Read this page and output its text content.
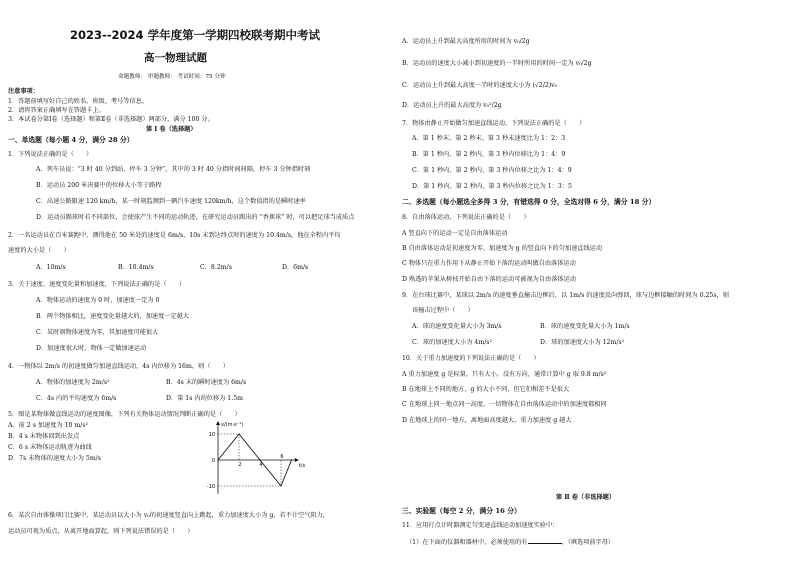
2023--2024 学年度第一学期四校联考期中考试
高一物理试题
命题教师： 审题教师： 考试时间：75 分钟
注意事项：
1．答题前填写好自己的姓名、班级、考号等信息。
2．请将答案正确填写在答题卡上。
3．本试卷分第Ⅰ卷（选择题）和第Ⅱ卷（非选择题）两部分，满分 100 分。
第 Ⅰ 卷（选择题）
一、单选题（每小题 4 分，满分 28 分）
1．下列说法正确的是（　　）
A．列车员说：“3 时 40 分到站，停车 3 分钟”，其中的 3 时 40 分指时间间隔，停车 3 分钟指时刻
B．运动员 200 米决赛中的位移大小等于路程
C．高速公路限速 120 km/h，某一时刻监测到一辆汽车速度 120km/h，这个数值指的是瞬时速率
D．运动员踢球时若不同部位，会使球产生不同的运动轨迹，在研究运动员踢出的 “香蕉球” 时，可以把足球当成质点
2．一名运动员在百米赛跑中，测得他在 50 米处的速度是 6m/s，10s 末到达终点时的速度为 10.4m/s，他在全程内平均
速度的大小是（　　）
A．10m/s	B．10.4m/s	C．8.2m/s	D．6m/s
3．关于速度、速度变化量和加速度，下列说法正确的是（　　）
A．物体运动的速度为 0 时，加速度一定为 0
B．两个物体相比，速度变化量越大的，加速度一定越大
C．某时刻物体速度为零，其加速度可能很大
D．加速度很大时，物体一定做加速运动
4．一物体以 2m/s 的初速度做匀加速直线运动，4s 内位移为 16m，则（　　）
A．物体的加速度为 2m/s²	B．4s 末的瞬时速度为 6m/s
C．4s 内的平均速度为 6m/s	D．第 1s 内的位移为 1.5m
5．图是某物体做直线运动的速度图像，下列有关物体运动情况判断正确的是（　　）
A．前 2 s 加速度为 10 m/s²
B．4 s 末物体回到出发点
C．6 s 末物体运动轨迹为曲线
D．7s 末物体的速度大小为 5m/s
v/(m·s⁻¹)
t/s
10
0
-10
2	4
6
6．某次自由体操项目比赛中，某运动员以大小为 v₀的初速度竖直向上跳起，重力加速度大小为 g，若不计空气阻力，
运动员可视为质点，从离开地面算起，则下列说法错误的是（　　）
A．运动员上升到最大高度所用的时间为 v₀/2g
B．运动员的速度大小减小到初速度的一半时所用的时间一定为 v₀/2g
C．运动员上升到最大高度一半时的速度大小为 (√2/2)v₀
D．运动员上升的最大高度为 v₀²/2g
7．物体由静止开始做匀加速直线运动，下列说法正确的是（　　）
A．第 1 秒末、第 2 秒末、第 3 秒末速度比为 1：2：3
B．第 1 秒内、第 2 秒内、第 3 秒内位移比为 1：4：9
C．第 1 秒内、第 2 秒内、第 3 秒内位移之比为 1：4：9
D．第 1 秒内、第 2 秒内、第 3 秒内位移之比为 1：3：5
二、多选题（每小题选全多得 3 分，有错选得 0 分，全选对得 6 分，满分 18 分）
8．自由落体运动，下列说法正确的是（　　）
A 竖直向下的运动一定是自由落体运动
B 自由落体运动是初速度为零、加速度为 g 的竖直向下的匀加速直线运动
C 物体只在重力作用下从静止开始下落的运动叫做自由落体运动
D 熟透的苹果从树枝开始自由下落的运动可被视为自由落体运动
9．在台球比赛中，某球以 2m/s 的速度垂直撞击边框后，以 1m/s 的速度反向弹回，球与边框接触的时间为 0.25s，则
该撞击过程中（　　）
A．球的速度变化量大小为 3m/s	B．球的速度变化量大小为 1m/s
C．球的加速度大小为 4m/s²	D．球的加速度大小为 12m/s²
10．关于重力加速度的下列说法正确的是（　　）
A 重力加速度 g 是标量，只有大小，没有方向，通常计算中 g 取 9.8 m/s²
B 在地球上不同的地方，g 的大小不同，但它们相差不是很大
C 在地球上同一地点同一高度，一切物体在自由落体运动中的加速度都相同
D 在地球上的同一地方，离地面高度越大，重力加速度 g 越大
第 Ⅱ 卷（非选择题）
三、实验题（每空 2 分，满分 16 分）
11．应用打点计时器测定匀变速直线运动加速度实验中：
（1）在下面的仪器和器材中，必须使用的有	。（填选项前字母）
